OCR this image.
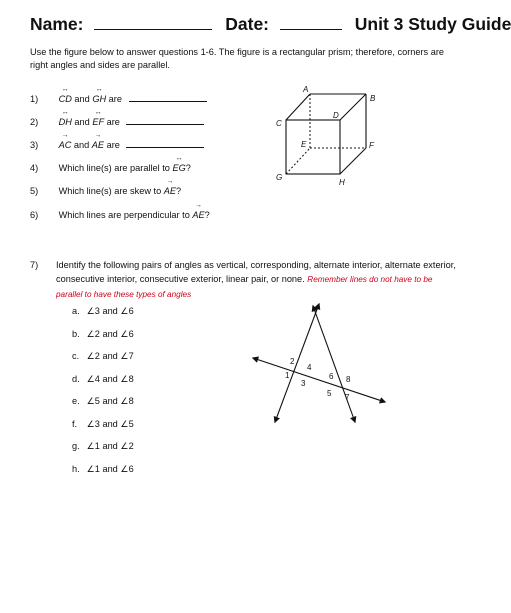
Name:	Date:	Unit 3 Study Guide
Use the figure below to answer questions 1-6. The figure is a rectangular prism; therefore, corners are right angles and sides are parallel.
1) ↔ CD and ↔ GH are
2) ↔ DH and ↔ EF are
3) → AC and → AE are
4) Which line(s) are parallel to ↔ EG?
5) Which line(s) are skew to → AE?
6) Which lines are perpendicular to → AE?
A
B
C
D
E	F
G
H
7)	Identify the following pairs of angles as vertical, corresponding, alternate interior, alternate exterior, consecutive interior, consecutive exterior, linear pair, or none. Remember lines do not have to be parallel to have these types of angles
a. ∠3 and ∠6
b. ∠2 and ∠6
c. ∠2 and ∠7
d. ∠4 and ∠8
e. ∠5 and ∠8
f. ∠3 and ∠5
g. ∠1 and ∠2
h. ∠1 and ∠6
2
4
1
3
6 8
5 7
